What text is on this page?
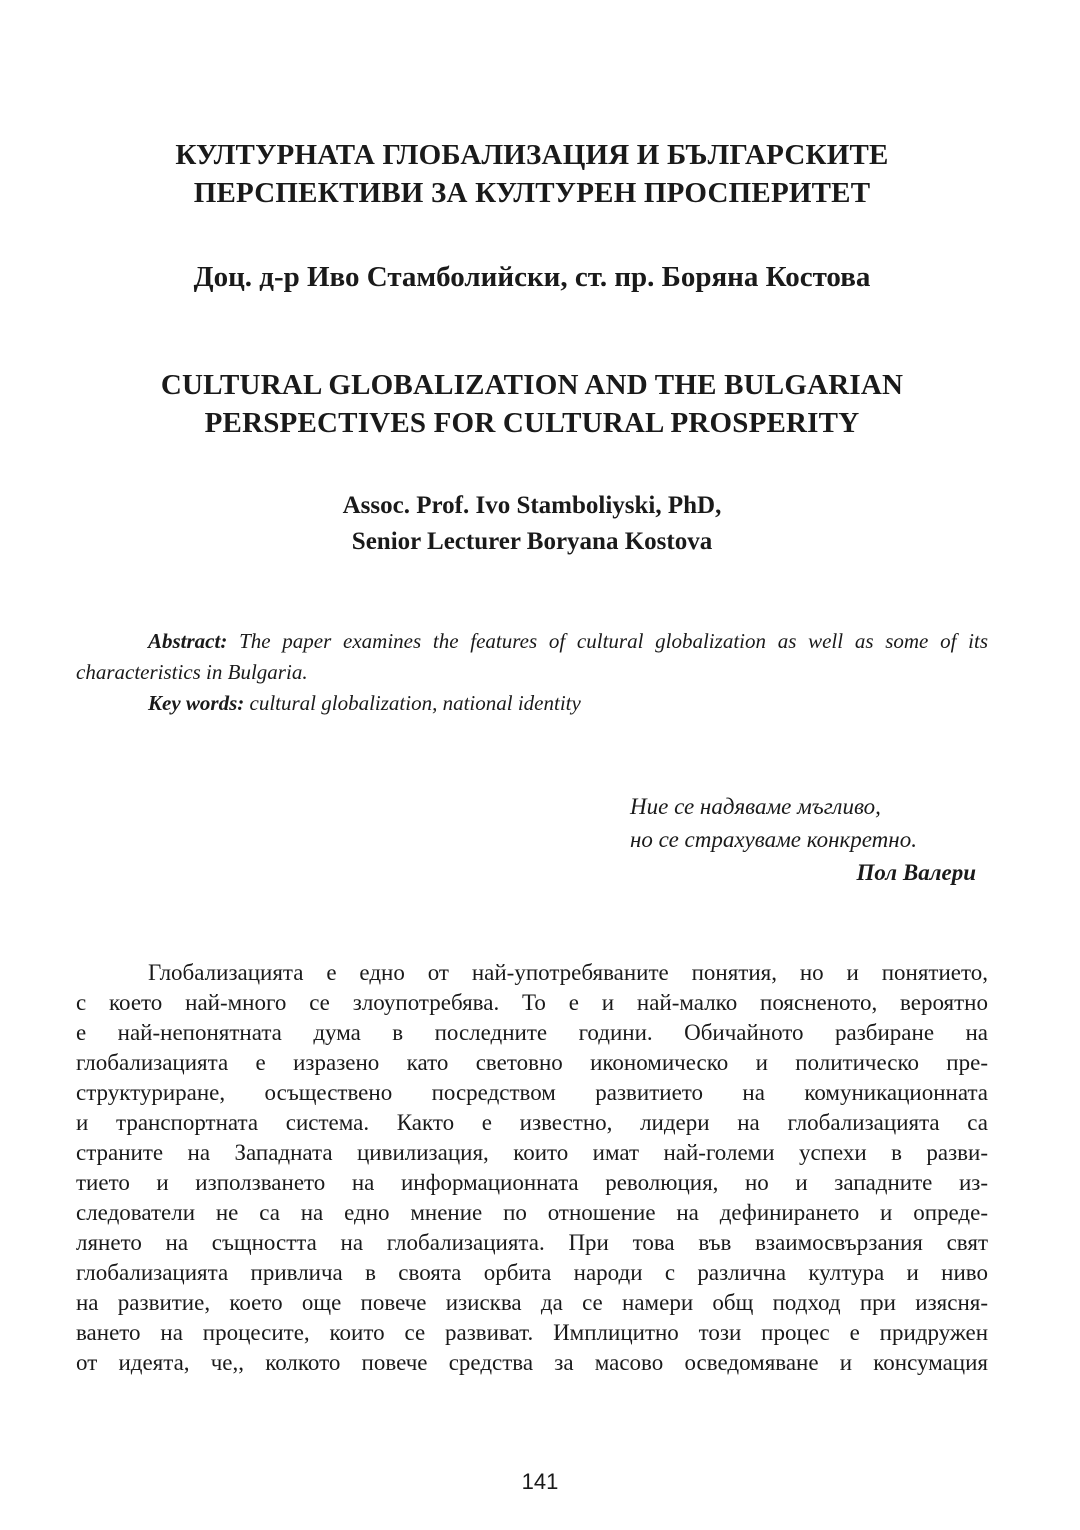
КУЛТУРНАТА ГЛОБАЛИЗАЦИЯ И БЪЛГАРСКИТЕ
ПЕРСПЕКТИВИ ЗА КУЛТУРЕН ПРОСПЕРИТЕТ
Доц. д-р Иво Стамболийски, ст. пр. Боряна Костова
CULTURAL GLOBALIZATION AND THE BULGARIAN
PERSPECTIVES FOR CULTURAL PROSPERITY
Assoc. Prof. Ivo Stamboliyski, PhD,
Senior Lecturer Boryana Kostova

Abstract: The paper examines the features of cultural globalization as well as some of its characteristics in Bulgaria.

Key words: cultural globalization, national identity

Ние се надяваме мъгливо,
но се страхуваме конкретно.
Пол Валери
Глобализацията е едно от най-употребяваните понятия, но и понятието,
с което най-много се злоупотребява. То е и най-малко поясненото, вероятно
е най-непонятната дума в последните години. Обичайното разбиране на
глобализацията е изразено като световно икономическо и политическо пре-
структуриране, осъществено посредством развитието на комуникационната
и транспортната система. Както е известно, лидери на глобализацията са
страните на Западната цивилизация, които имат най-големи успехи в разви-
тието и използването на информационната революция, но и западните из-
следователи не са на едно мнение по отношение на дефинирането и опреде-
лянето на същността на глобализацията. При това във взаимосвързания свят
глобализацията привлича в своята орбита народи с различна култура и ниво
на развитие, което още повече изисква да се намери общ подход при изясня-
ването на процесите, които се развиват. Имплицитно този процес е придружен
от идеята, че,, колкото повече средства за масово осведомяване и консумация
141
